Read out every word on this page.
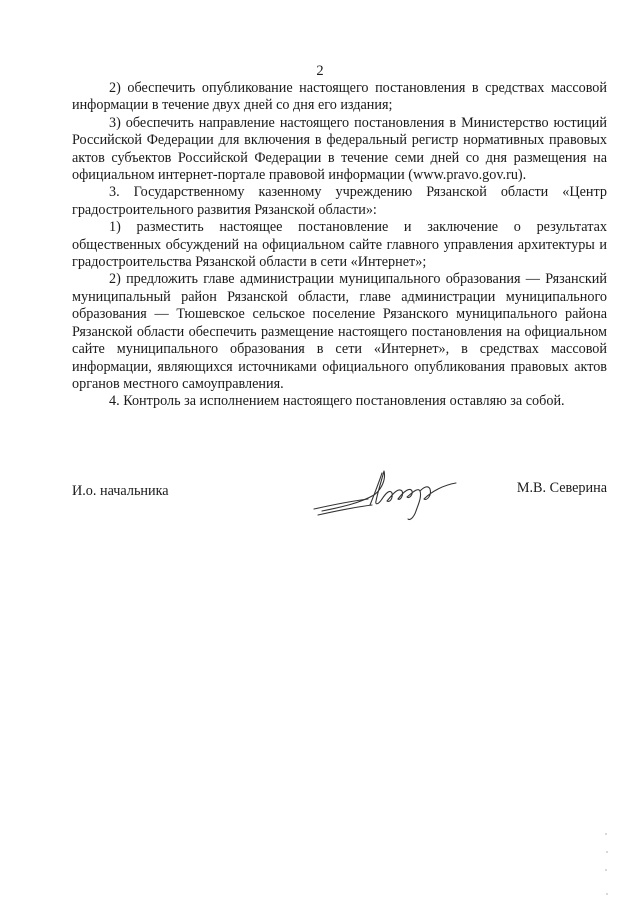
2

2) обеспечить опубликование настоящего постановления в средствах массовой информации в течение двух дней со дня его издания;

3) обеспечить направление настоящего постановления в Министерство юстиций Российской Федерации для включения в федеральный регистр нормативных правовых актов субъектов Российской Федерации в течение семи дней со дня размещения на официальном интернет-портале правовой информации (www.pravo.gov.ru).

3. Государственному казенному учреждению Рязанской области «Центр градостроительного развития Рязанской области»:

1) разместить настоящее постановление и заключение о результатах общественных обсуждений на официальном сайте главного управления архитектуры и градостроительства Рязанской области в сети «Интернет»;

2) предложить главе администрации муниципального образования — Рязанский муниципальный район Рязанской области, главе администрации муниципального образования — Тюшевское сельское поселение Рязанского муниципального района Рязанской области обеспечить размещение настоящего постановления на официальном сайте муниципального образования в сети «Интернет», в средствах массовой информации, являющихся источниками официального опубликования правовых актов органов местного самоуправления.

4. Контроль за исполнением настоящего постановления оставляю за собой.

И.о. начальника	М.В. Северина
